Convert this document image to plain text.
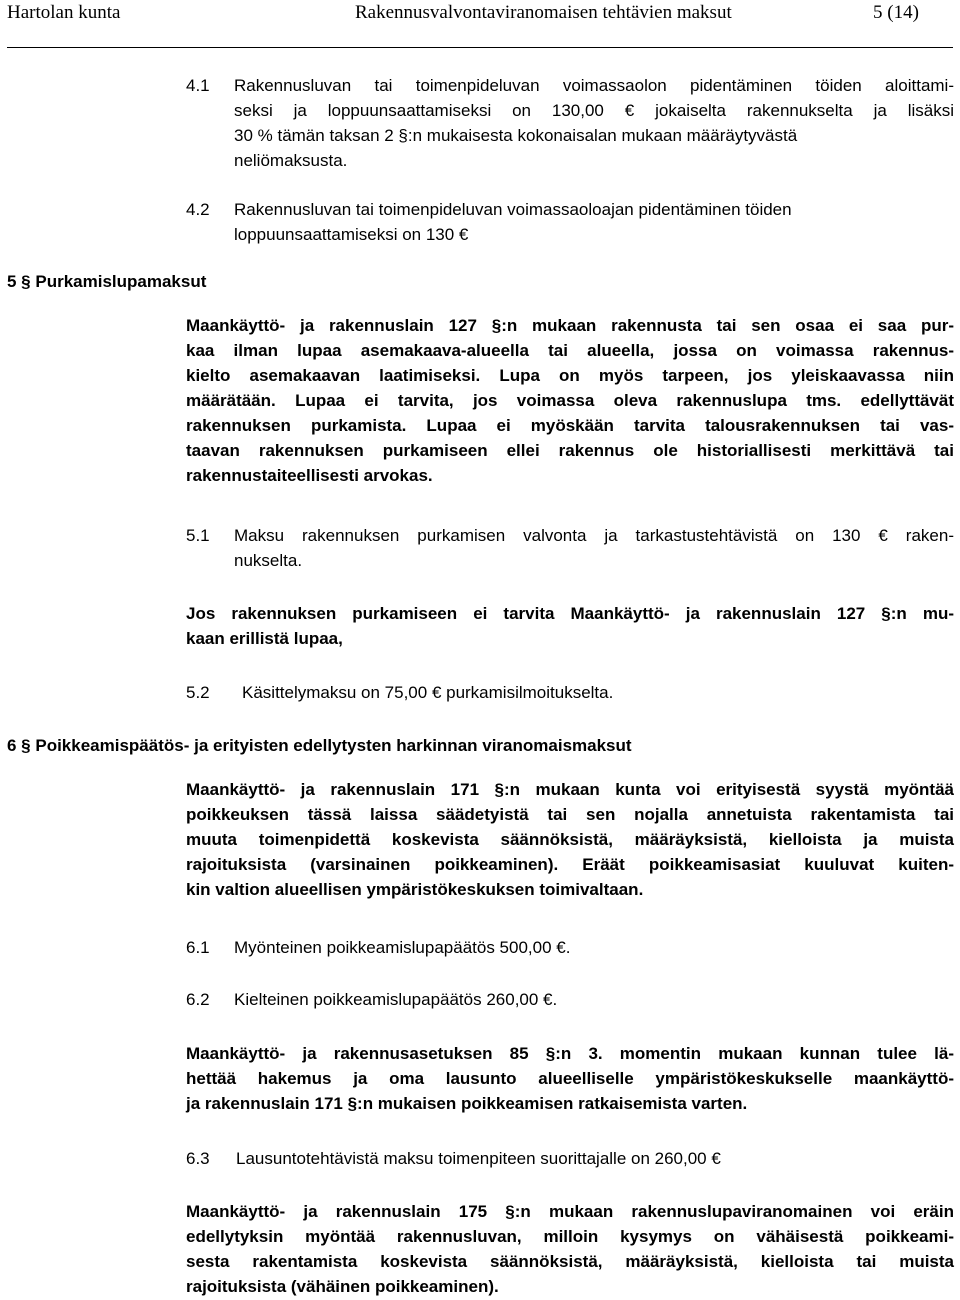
Hartolan kunta	Rakennusvalvontaviranomaisen tehtävien maksut	5 (14)
4.1 Rakennusluvan tai toimenpideluvan voimassaolon pidentäminen töiden aloittami-
seksi ja loppuunsaattamiseksi on 130,00 € jokaiselta rakennukselta ja lisäksi
30 % tämän taksan 2 §:n mukaisesta kokonaisalan mukaan määräytyvästä
neliömaksusta.
4.2 Rakennusluvan tai toimenpideluvan voimassaoloajan pidentäminen töiden
loppuunsaattamiseksi on 130 €
5 § Purkamislupamaksut
Maankäyttö- ja rakennuslain 127 §:n mukaan rakennusta tai sen osaa ei saa pur-
kaa ilman lupaa asemakaava-alueella tai alueella, jossa on voimassa rakennus-
kielto asemakaavan laatimiseksi. Lupa on myös tarpeen, jos yleiskaavassa niin
määrätään. Lupaa ei tarvita, jos voimassa oleva rakennuslupa tms. edellyttävät
rakennuksen purkamista. Lupaa ei myöskään tarvita talousrakennuksen tai vas-
taavan rakennuksen purkamiseen ellei rakennus ole historiallisesti merkittävä tai
rakennustaiteellisesti arvokas.
5.1 Maksu rakennuksen purkamisen valvonta ja tarkastustehtävistä on 130 € raken-
nukselta.
Jos rakennuksen purkamiseen ei tarvita Maankäyttö- ja rakennuslain 127 §:n mu-
kaan erillistä lupaa,
5.2 Käsittelymaksu on 75,00 € purkamisilmoitukselta.
6 § Poikkeamispäätös- ja erityisten edellytysten harkinnan viranomaismaksut
Maankäyttö- ja rakennuslain 171 §:n mukaan kunta voi erityisestä syystä myöntää
poikkeuksen tässä laissa säädetyistä tai sen nojalla annetuista rakentamista tai
muuta toimenpidettä koskevista säännöksistä, määräyksistä, kielloista ja muista
rajoituksista (varsinainen poikkeaminen). Eräät poikkeamisasiat kuuluvat kuiten-
kin valtion alueellisen ympäristökeskuksen toimivaltaan.
6.1 Myönteinen poikkeamislupapäätös 500,00 €.
6.2 Kielteinen poikkeamislupapäätös 260,00 €.
Maankäyttö- ja rakennusasetuksen 85 §:n 3. momentin mukaan kunnan tulee lä-
hettää hakemus ja oma lausunto alueelliselle ympäristökeskukselle maankäyttö-
ja rakennuslain 171 §:n mukaisen poikkeamisen ratkaisemista varten.
6.3 Lausuntotehtävistä maksu toimenpiteen suorittajalle on 260,00 €
Maankäyttö- ja rakennuslain 175 §:n mukaan rakennuslupaviranomainen voi eräin
edellytyksin myöntää rakennusluvan, milloin kysymys on vähäisestä poikkeami-
sesta rakentamista koskevista säännöksistä, määräyksistä, kielloista tai muista
rajoituksista (vähäinen poikkeaminen).
